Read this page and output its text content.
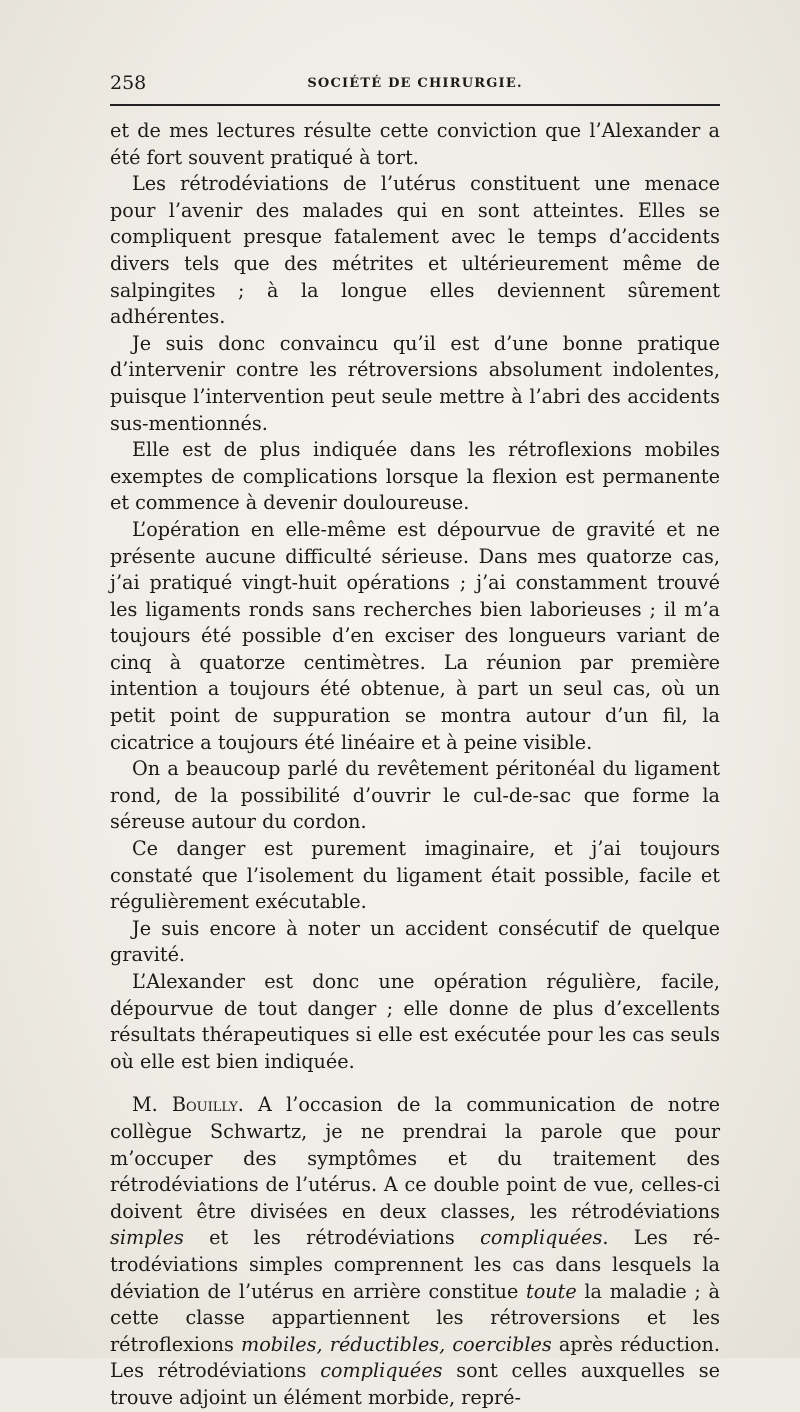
258	SOCIÉTÉ DE CHIRURGIE.

et de mes lectures résulte cette conviction que l’Alexander a été fort souvent pratiqué à tort.

Les rétrodéviations de l’utérus constituent une menace pour l’avenir des malades qui en sont atteintes. Elles se compliquent presque fatalement avec le temps d’accidents divers tels que des métrites et ultérieurement même de salpingites ; à la longue elles deviennent sûrement adhérentes.

Je suis donc convaincu qu’il est d’une bonne pratique d’intervenir contre les rétroversions absolument indolentes, puisque l’intervention peut seule mettre à l’abri des accidents sus-mentionnés.

Elle est de plus indiquée dans les rétroflexions mobiles exemptes de complications lorsque la flexion est permanente et commence à devenir douloureuse.

L’opération en elle-même est dépourvue de gravité et ne présente aucune difficulté sérieuse. Dans mes quatorze cas, j’ai pratiqué vingt-huit opérations ; j’ai constamment trouvé les ligaments ronds sans recherches bien laborieuses ; il m’a toujours été possible d’en exciser des longueurs variant de cinq à quatorze centimètres. La réunion par première intention a toujours été obtenue, à part un seul cas, où un petit point de suppuration se montra autour d’un fil, la cicatrice a toujours été linéaire et à peine visible.

On a beaucoup parlé du revêtement péritonéal du ligament rond, de la possibilité d’ouvrir le cul-de-sac que forme la séreuse autour du cordon.

Ce danger est purement imaginaire, et j’ai toujours constaté que l’isolement du ligament était possible, facile et régulièrement exécutable.

Je suis encore à noter un accident consécutif de quelque gravité.

L’Alexander est donc une opération régulière, facile, dépourvue de tout danger ; elle donne de plus d’excellents résultats thérapeutiques si elle est exécutée pour les cas seuls où elle est bien indiquée.

M. Bouilly. A l’occasion de la communication de notre collègue Schwartz, je ne prendrai la parole que pour m’occuper des symptômes et du traitement des rétrodéviations de l’utérus. A ce double point de vue, celles-ci doivent être divisées en deux classes, les rétrodéviations simples et les rétrodéviations compliquées. Les rétrodéviations simples comprennent les cas dans lesquels la déviation de l’utérus en arrière constitue toute la maladie ; à cette classe appartiennent les rétroversions et les rétroflexions mobiles, réductibles, coercibles après réduction. Les rétrodéviations compliquées sont celles auxquelles se trouve adjoint un élément morbide, repré-
